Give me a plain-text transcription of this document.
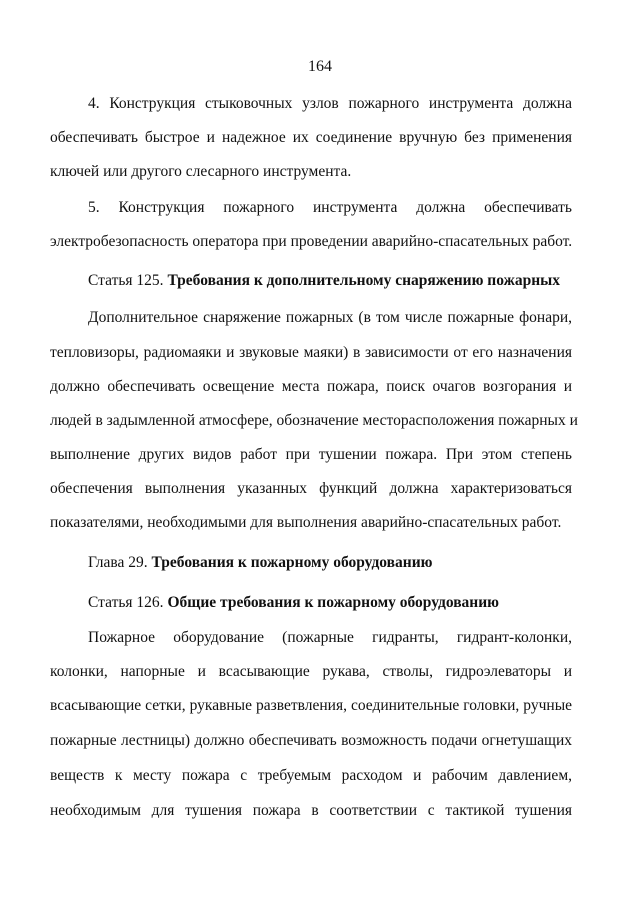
164
4. Конструкция стыковочных узлов пожарного инструмента должна
обеспечивать быстрое и надежное их соединение вручную без применения
ключей или другого слесарного инструмента.
5. Конструкция пожарного инструмента должна обеспечивать
электробезопасность оператора при проведении аварийно-спасательных работ.
Статья 125. Требования к дополнительному снаряжению пожарных
Дополнительное снаряжение пожарных (в том числе пожарные фонари,
тепловизоры, радиомаяки и звуковые маяки) в зависимости от его назначения
должно обеспечивать освещение места пожара, поиск очагов возгорания и
людей в задымленной атмосфере, обозначение месторасположения пожарных и
выполнение других видов работ при тушении пожара. При этом степень
обеспечения выполнения указанных функций должна характеризоваться
показателями, необходимыми для выполнения аварийно-спасательных работ.
Глава 29. Требования к пожарному оборудованию
Статья 126. Общие требования к пожарному оборудованию
Пожарное оборудование (пожарные гидранты, гидрант-колонки,
колонки, напорные и всасывающие рукава, стволы, гидроэлеваторы и
всасывающие сетки, рукавные разветвления, соединительные головки, ручные
пожарные лестницы) должно обеспечивать возможность подачи огнетушащих
веществ к месту пожара с требуемым расходом и рабочим давлением,
необходимым для тушения пожара в соответствии с тактикой тушения
